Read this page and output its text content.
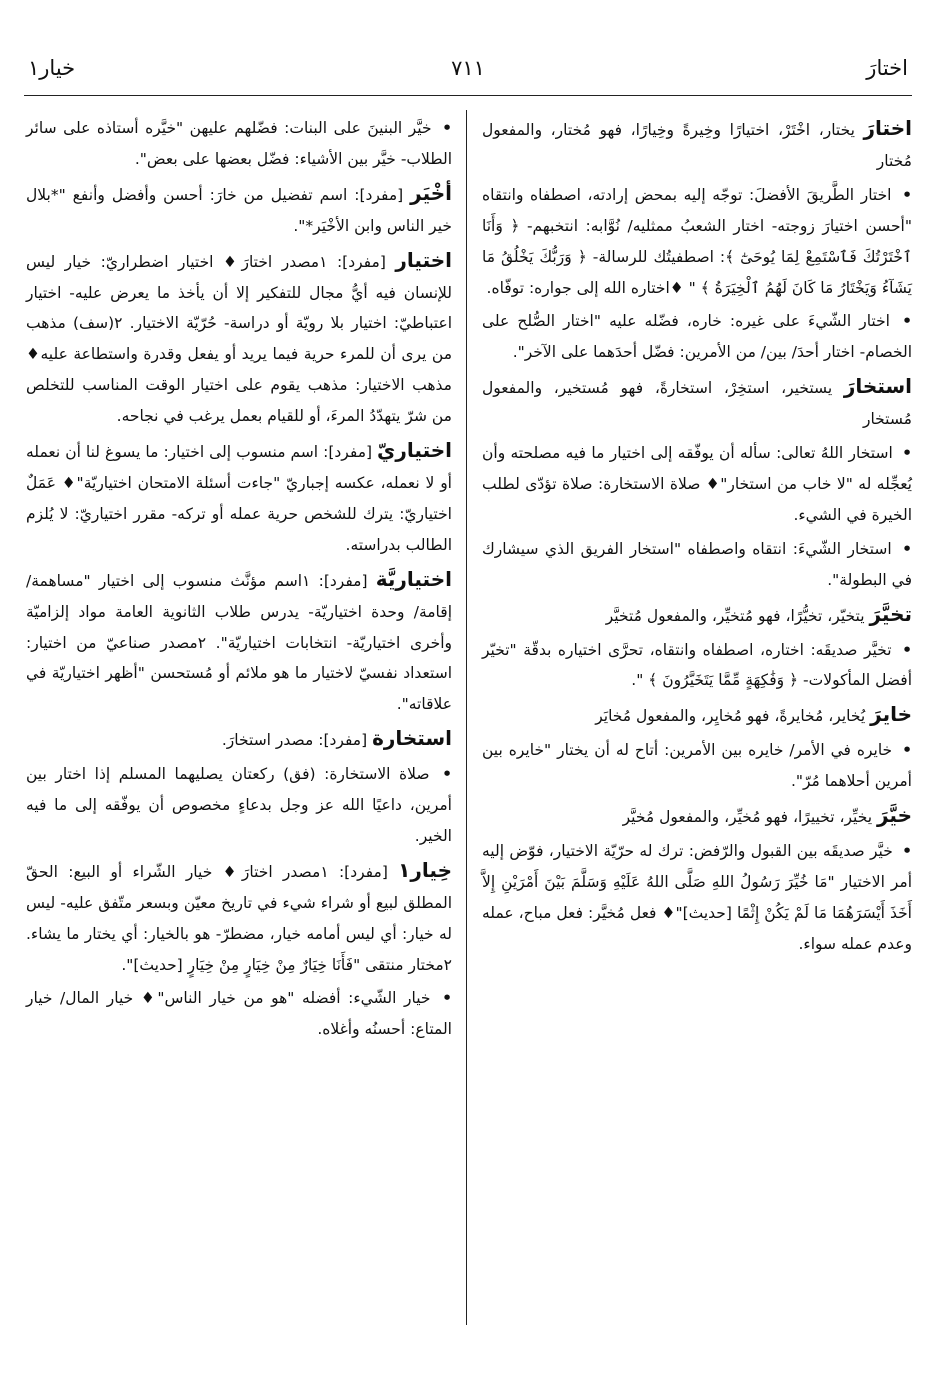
اختارَ
٧١١
خيار١
اختارَ يختار، اخْتَرْ، اختيارًا وخِيرةً وخِيارًا، فهو مُختار، والمفعول مُختار
• اختار الطَّريقَ الأفضلَ: توجّه إليه بمحض إرادته، اصطفاه وانتقاه "أحسن اختيارَ زوجته- اختار الشعبُ ممثليه/ نُوَّابه: انتخبهم- ﴿ وَأَنَا ٱخْتَرْتُكَ فَٱسْتَمِعْ لِمَا يُوحَىٰٓ ﴾: اصطفيتُك للرسالة- ﴿ وَرَبُّكَ يَخْلُقُ مَا يَشَآءُ وَيَخْتَارُ مَا كَانَ لَهُمُ ٱلْخِيَرَةُ ﴾ " ♦اختاره الله إلى جواره: توفّاه.
• اختار الشّيءَ على غيره: خاره، فضّله عليه "اختار الصُّلح على الخصام- اختار أحدَ/ بين/ من الأمرين: فضّل أحدَهما على الآخر".
استخارَ يستخير، استخِرْ، استخارةً، فهو مُستخير، والمفعول مُستخار
• استخار اللهُ تعالى: سأله أن يوفّقه إلى اختيار ما فيه مصلحته وأن يُعجِّله له "لا خاب من استخار"♦ صلاة الاستخارة: صلاة تؤدّى لطلب الخيرة في الشيء.
• استخار الشّيءَ: انتقاه واصطفاه "استخار الفريق الذي سيشارك في البطولة".
تخيَّرَ يتخيّر، تخيُّرًا، فهو مُتخيِّر، والمفعول مُتخيَّر
• تخيَّر صديقَه: اختاره، اصطفاه وانتقاه، تحرَّى اختياره بدقّة "تخيّر أفضل المأكولات- ﴿ وَفَٰكِهَةٍ مِّمَّا يَتَخَيَّرُونَ ﴾ ".
خايرَ يُخاير، مُخايرةً، فهو مُخايِر، والمفعول مُخايَر
• خايره في الأمر/ خايره بين الأمرين: أتاح له أن يختار "خايره بين أمرين أحلاهما مُرّ".
خيَّرَ يخيِّر، تخييرًا، فهو مُخيِّر، والمفعول مُخيَّر
• خيَّر صديقَه بين القبول والرّفض: ترك له حرّيّة الاختيار، فوّض إليه أمر الاختيار "مَا خُيِّرَ رَسُولُ اللهِ صَلَّى اللهُ عَلَيْهِ وَسَلَّمَ بَيْنَ أَمْرَيْنِ إِلاَّ أَخَذَ أَيْسَرَهُمَا مَا لَمْ يَكُنْ إِثْمًا [حديث]"♦ فعل مُخيَّر: فعل مباح، عمله وعدم عمله سواء.
• خيَّر البنينَ على البنات: فضّلهم عليهن "خيَّره أستاذه على سائر الطلاب- خيَّر بين الأشياء: فضّل بعضها على بعض".
أخْيَر [مفرد]: اسم تفضيل من خارَ: أحسن وأفضل وأنفع "*بلال خير الناس وابن الأخْيَر*".
اختيار [مفرد]: ١مصدر اختارَ♦ اختيار اضطراريّ: خيار ليس للإنسان فيه أيُّ مجال للتفكير إلا أن يأخذ ما يعرض عليه- اختيار اعتباطيّ: اختيار بلا رويّة أو دراسة- حُرّيّة الاختيار. ٢(سف) مذهب من يرى أن للمرء حرية فيما يريد أو يفعل وقدرة واستطاعة عليه♦ مذهب الاختيار: مذهب يقوم على اختيار الوقت المناسب للتخلص من شرّ يتهدّدُ المرءَ، أو للقيام بعمل يرغب في نجاحه.
اختياريّ [مفرد]: اسم منسوب إلى اختيار: ما يسوغ لنا أن نعمله أو لا نعمله، عكسه إجباريّ "جاءت أسئلة الامتحان اختياريّة"♦ عَمَلٌ اختياريّ: يترك للشخص حرية عمله أو تركه- مقرر اختياريّ: لا يُلزم الطالب بدراسته.
اختياريَّة [مفرد]: ١اسم مؤنَّث منسوب إلى اختيار "مساهمة/ إقامة/ وحدة اختياريّة- يدرس طلاب الثانوية العامة مواد إلزاميّة وأخرى اختياريّة- انتخابات اختياريّة". ٢مصدر صناعيّ من اختيار: استعداد نفسيّ لاختيار ما هو ملائم أو مُستحسن "أظهر اختياريّة في علاقاته".
استخارة [مفرد]: مصدر استخارَ.
• صلاة الاستخارة: (فق) ركعتان يصليهما المسلم إذا اختار بين أمرين، داعيًا الله عز وجل بدعاءٍ مخصوص أن يوفّقه إلى ما فيه الخير.
خِيار١ [مفرد]: ١مصدر اختارَ♦ خيار الشّراء أو البيع: الحقّ المطلق لبيع أو شراء شيء في تاريخ معيّن وبسعر متّفق عليه- ليس له خيار: أي ليس أمامه خيار، مضطرّ- هو بالخيار: أي يختار ما يشاء. ٢مختار منتقى "فَأَنَا خِيَارٌ مِنْ خِيَارٍ مِنْ خِيَارٍ [حديث]".
• خيار الشّيء: أفضله "هو من خيار الناس"♦ خيار المال/ خيار المتاع: أحسنُه وأغلاه.
